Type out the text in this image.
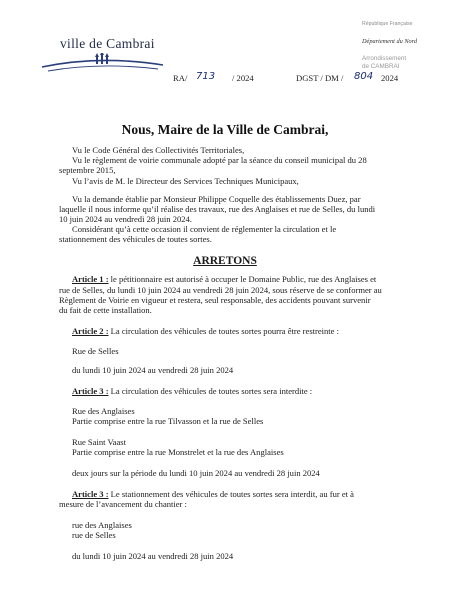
ville de Cambrai
République Française
Département du Nord
Arrondissement
de CAMBRAI
RA/ 713 / 2024	DGST / DM / 804 2024
Nous, Maire de la Ville de Cambrai,
Vu le Code Général des Collectivités Territoriales,
Vu le règlement de voirie communale adopté par la séance du conseil municipal du 28
septembre 2015,
Vu l’avis de M. le Directeur des Services Techniques Municipaux,
Vu la demande établie par Monsieur Philippe Coquelle des établissements Duez, par
laquelle il nous informe qu’il réalise des travaux, rue des Anglaises et rue de Selles, du lundi
10 juin 2024 au vendredi 28 juin 2024.
Considérant qu’à cette occasion il convient de réglementer la circulation et le
stationnement des véhicules de toutes sortes.
ARRETONS
Article 1 : le pétitionnaire est autorisé à occuper le Domaine Public, rue des Anglaises et
rue de Selles, du lundi 10 juin 2024 au vendredi 28 juin 2024, sous réserve de se conformer au
Règlement de Voirie en vigueur et restera, seul responsable, des accidents pouvant survenir
du fait de cette installation.
Article 2 : La circulation des véhicules de toutes sortes pourra être restreinte :
Rue de Selles
du lundi 10 juin 2024 au vendredi 28 juin 2024
Article 3 : La circulation des véhicules de toutes sortes sera interdite :
Rue des Anglaises
Partie comprise entre la rue Tilvasson et la rue de Selles
Rue Saint Vaast
Partie comprise entre la rue Monstrelet et la rue des Anglaises
deux jours sur la période du lundi 10 juin 2024 au vendredi 28 juin 2024
Article 3 : Le stationnement des véhicules de toutes sortes sera interdit, au fur et à
mesure de l’avancement du chantier :
rue des Anglaises
rue de Selles
du lundi 10 juin 2024 au vendredi 28 juin 2024
